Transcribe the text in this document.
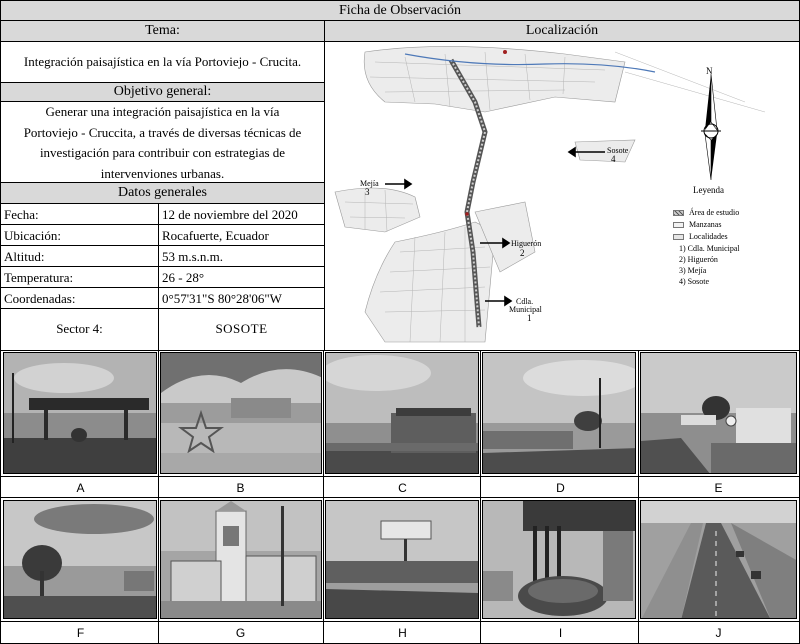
Ficha de Observación
Tema:
Integración paisajística en la vía Portoviejo - Crucita.
Objetivo general:
Generar una integración paisajística en la vía
Portoviejo - Cruccita, a través de diversas técnicas de
investigación para contribuir con estrategias de
intervenviones urbanas.
Datos generales
Fecha:	12 de noviembre del 2020
Ubicación:	Rocafuerte, Ecuador
Altitud:	53 m.s.n.m.
Temperatura:	26 - 28°
Coordenadas:	0°57'31"S 80°28'06"W
Sector 4:	SOSOTE
Localización
N
Sosote
4
Mejía
3
Higuerón
2
Cdla.
Municipal
1
Leyenda
Área de estudio
Manzanas
Localidades
1) Cdla. Municipal
2) Higuerón
3) Mejía
4) Sosote
A	B	C	D	E
F	G	H	I	J
